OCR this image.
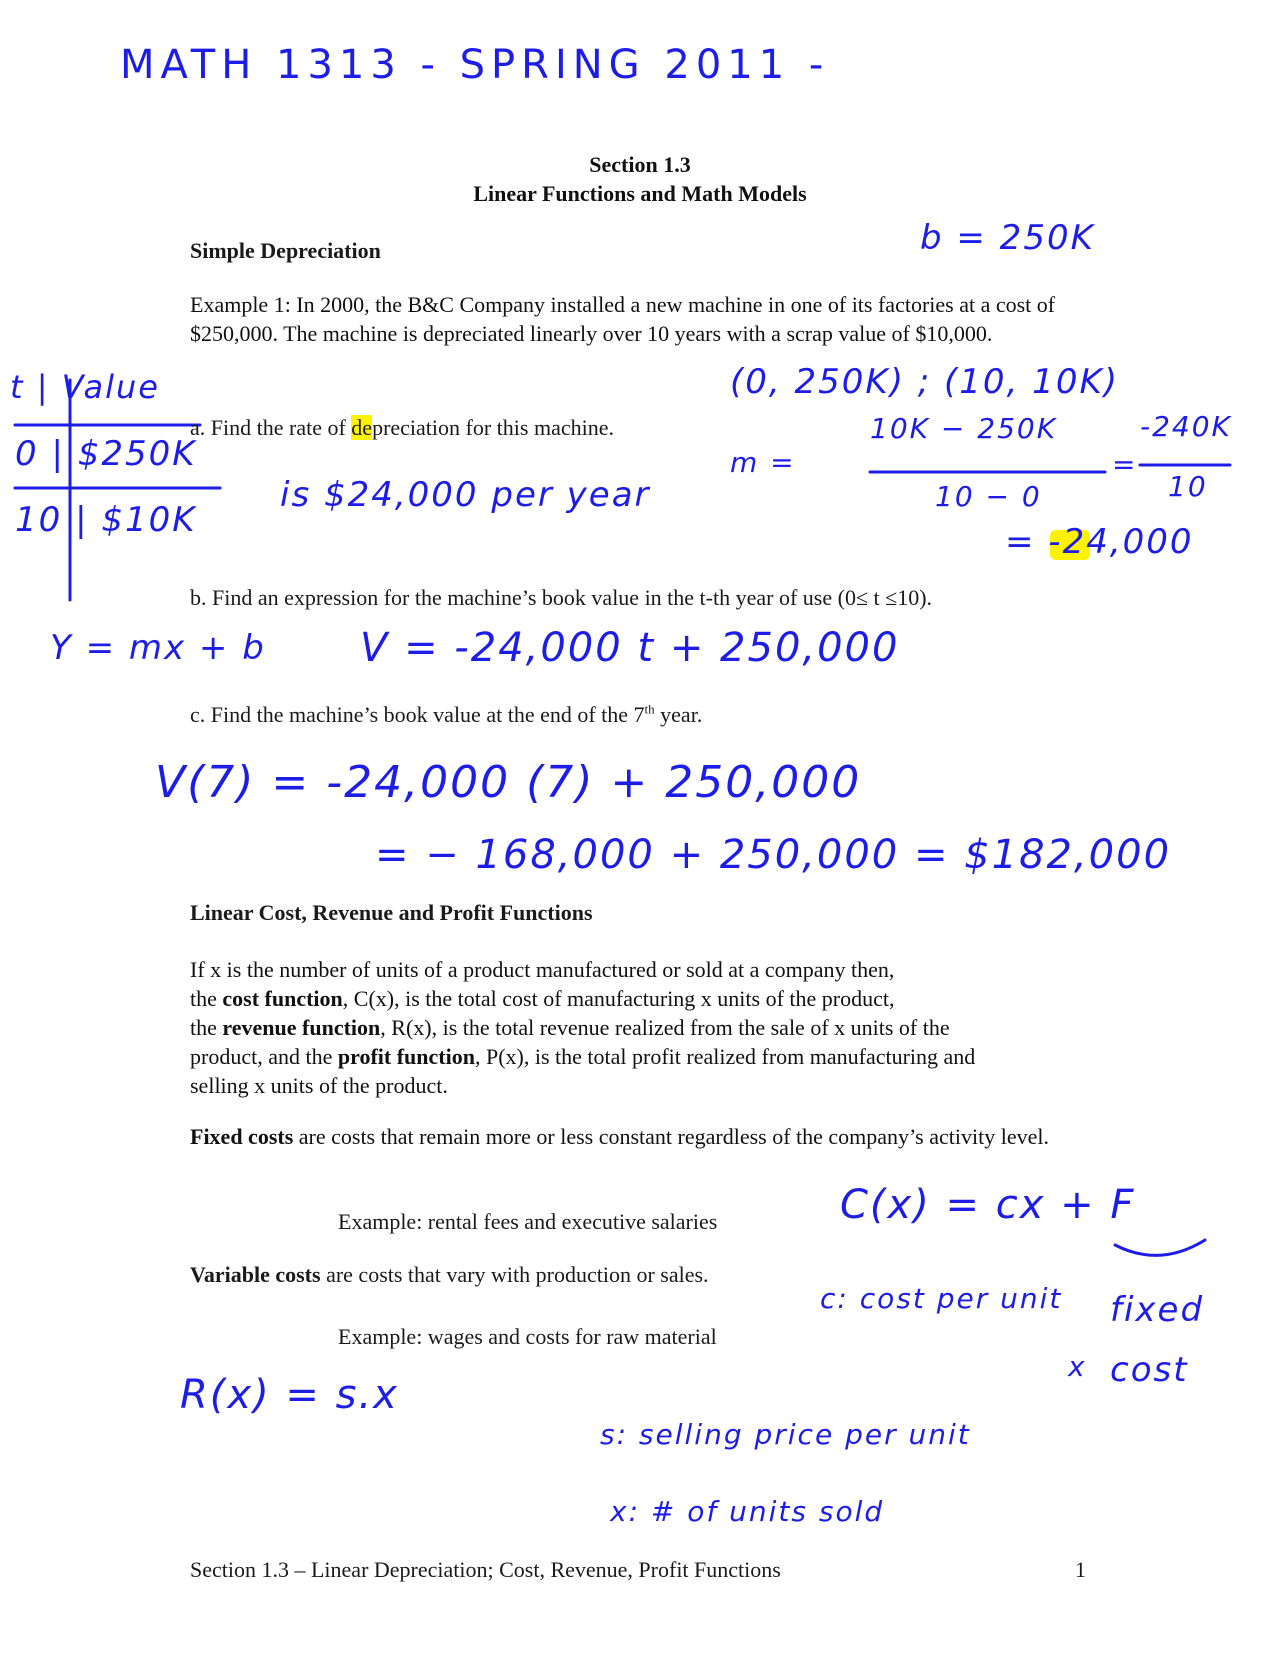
MATH 1313 - SPRING 2011 -
Section 1.3
Linear Functions and Math Models
Simple Depreciation	b = 250K
Example 1: In 2000, the B&C Company installed a new machine in one of its factories at a cost of $250,000. The machine is depreciated linearly over 10 years with a scrap value of $10,000.
t | Value
0 | $250K
10 | $10K
(0, 250K) ; (10, 10K)
a. Find the rate of depreciation for this machine.
m =
10K − 250K
10 − 0
=
-240K
10
= -24,000
is $24,000 per year
b. Find an expression for the machine’s book value in the t-th year of use (0≤ t ≤10).
Y = mx + b V = -24,000 t + 250,000
c. Find the machine’s book value at the end of the 7th year.
V(7) = -24,000 (7) + 250,000
= − 168,000 + 250,000 = $182,000
Linear Cost, Revenue and Profit Functions

If x is the number of units of a product manufactured or sold at a company then,

the cost function, C(x), is the total cost of manufacturing x units of the product,

the revenue function, R(x), is the total revenue realized from the sale of x units of the

product, and the profit function, P(x), is the total profit realized from manufacturing and

selling x units of the product.

Fixed costs are costs that remain more or less constant regardless of the company’s activity level.
Example: rental fees and executive salaries
Variable costs are costs that vary with production or sales.
Example: wages and costs for raw material
C(x) = cx + F
c: cost per unit
x
fixed cost
R(x) = s.x
s: selling price per unit
x: # of units sold
Section 1.3 – Linear Depreciation; Cost, Revenue, Profit Functions	1
